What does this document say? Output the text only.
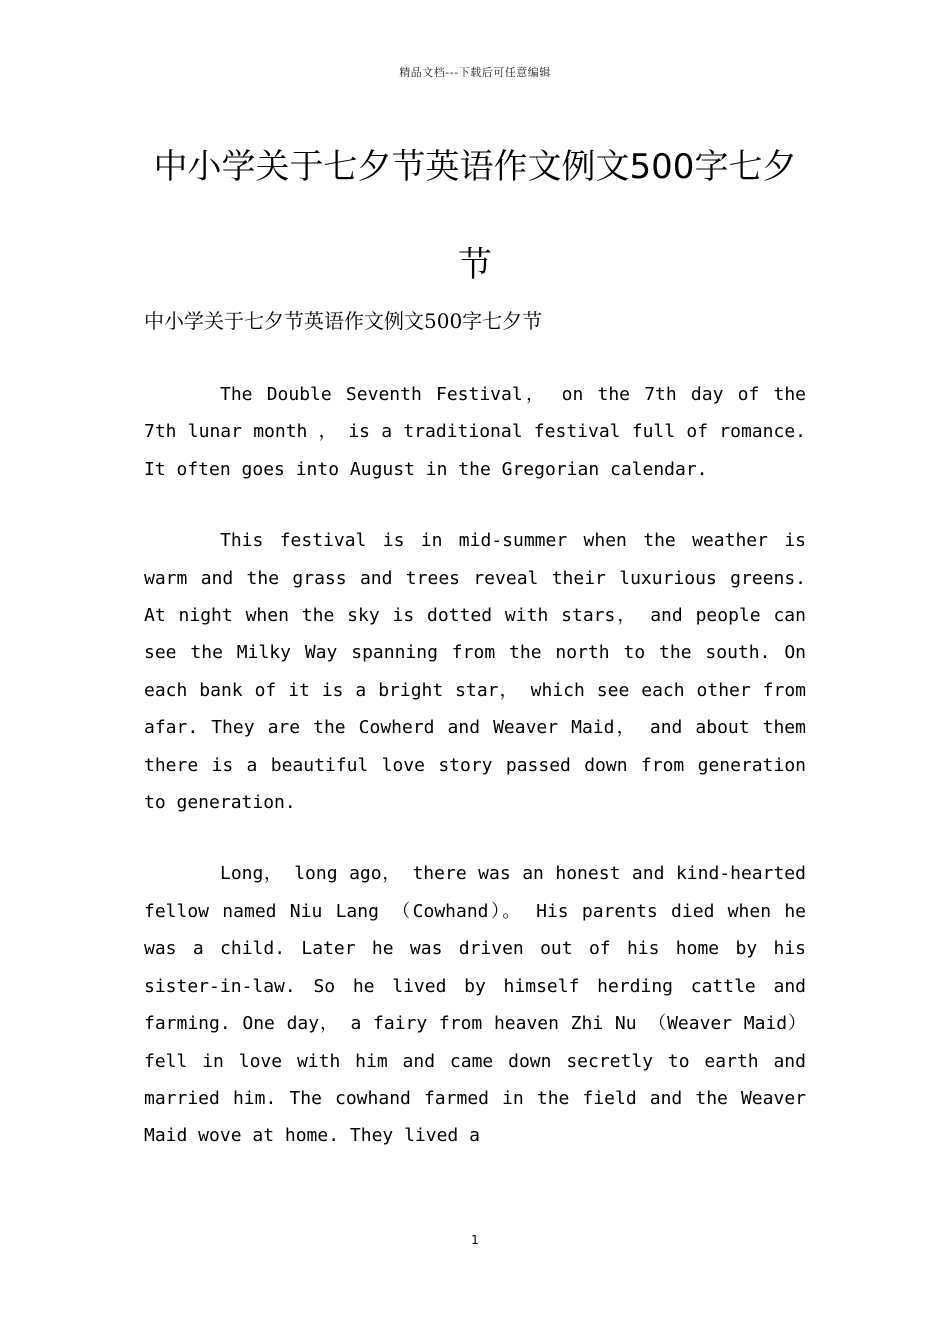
精品文档---下载后可任意编辑
中小学关于七夕节英语作文例文500字七夕节

中小学关于七夕节英语作文例文500字七夕节

The Double Seventh Festival， on the 7th day of the 7th lunar month ， is a traditional festival full of romance. It often goes into August in the Gregorian calendar.

This festival is in mid-summer when the weather is warm and the grass and trees reveal their luxurious greens. At night when the sky is dotted with stars， and people can see the Milky Way spanning from the north to the south. On each bank of it is a bright star， which see each other from afar. They are the Cowherd and Weaver Maid， and about them there is a beautiful love story passed down from generation to generation.

Long， long ago， there was an honest and kind-hearted fellow named Niu Lang （Cowhand）。 His parents died when he was a child. Later he was driven out of his home by his sister-in-law. So he lived by himself herding cattle and farming. One day， a fairy from heaven Zhi Nu （Weaver Maid） fell in love with him and came down secretly to earth and married him. The cowhand farmed in the field and the Weaver Maid wove at home. They lived a

1
